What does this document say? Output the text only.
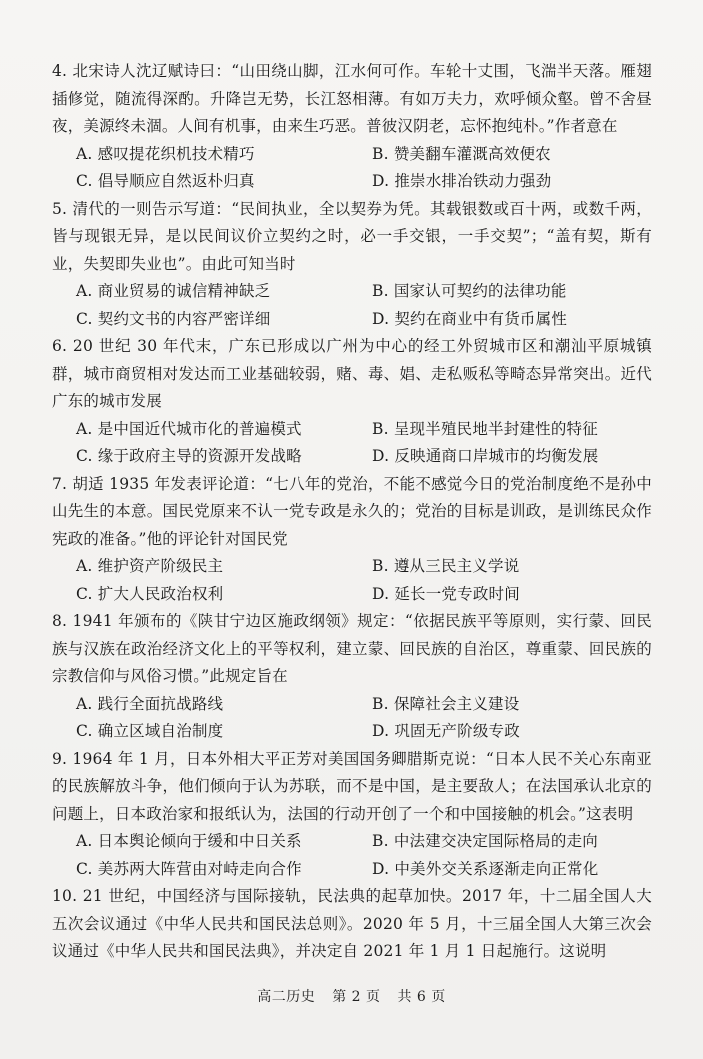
4. 北宋诗人沈辽赋诗曰：“山田绕山脚，江水何可作。车轮十丈围，飞湍半天落。雁翅插修觉，随流得深酌。升降岂无势，长江怒相薄。有如万夫力，欢呼倾众壑。曾不舍昼夜，美源终未涸。人间有机事，由来生巧恶。普彼汉阴老，忘怀抱纯朴。”作者意在

A. 感叹提花织机技术精巧	B. 赞美翻车灌溉高效便农
C. 倡导顺应自然返朴归真	D. 推崇水排冶铁动力强劲

5. 清代的一则告示写道：“民间执业，全以契券为凭。其载银数或百十两，或数千两，皆与现银无异，是以民间议价立契约之时，必一手交银，一手交契”；“盖有契，斯有业，失契即失业也”。由此可知当时

A. 商业贸易的诚信精神缺乏	B. 国家认可契约的法律功能
C. 契约文书的内容严密详细	D. 契约在商业中有货币属性

6. 20 世纪 30 年代末，广东已形成以广州为中心的经工外贸城市区和潮汕平原城镇群，城市商贸相对发达而工业基础较弱，赌、毒、娼、走私贩私等畸态异常突出。近代广东的城市发展

A. 是中国近代城市化的普遍模式	B. 呈现半殖民地半封建性的特征
C. 缘于政府主导的资源开发战略	D. 反映通商口岸城市的均衡发展

7. 胡适 1935 年发表评论道：“七八年的党治，不能不感觉今日的党治制度绝不是孙中山先生的本意。国民党原来不认一党专政是永久的；党治的目标是训政，是训练民众作宪政的准备。”他的评论针对国民党

A. 维护资产阶级民主	B. 遵从三民主义学说
C. 扩大人民政治权利	D. 延长一党专政时间

8. 1941 年颁布的《陕甘宁边区施政纲领》规定：“依据民族平等原则，实行蒙、回民族与汉族在政治经济文化上的平等权利，建立蒙、回民族的自治区，尊重蒙、回民族的宗教信仰与风俗习惯。”此规定旨在

A. 践行全面抗战路线	B. 保障社会主义建设
C. 确立区域自治制度	D. 巩固无产阶级专政

9. 1964 年 1 月，日本外相大平正芳对美国国务卿腊斯克说：“日本人民不关心东南亚的民族解放斗争，他们倾向于认为苏联，而不是中国，是主要敌人；在法国承认北京的问题上，日本政治家和报纸认为，法国的行动开创了一个和中国接触的机会。”这表明

A. 日本舆论倾向于缓和中日关系	B. 中法建交决定国际格局的走向
C. 美苏两大阵营由对峙走向合作	D. 中美外交关系逐渐走向正常化

10. 21 世纪，中国经济与国际接轨，民法典的起草加快。2017 年，十二届全国人大五次会议通过《中华人民共和国民法总则》。2020 年 5 月，十三届全国人大第三次会议通过《中华人民共和国民法典》，并决定自 2021 年 1 月 1 日起施行。这说明

高二历史 第 2 页 共 6 页
